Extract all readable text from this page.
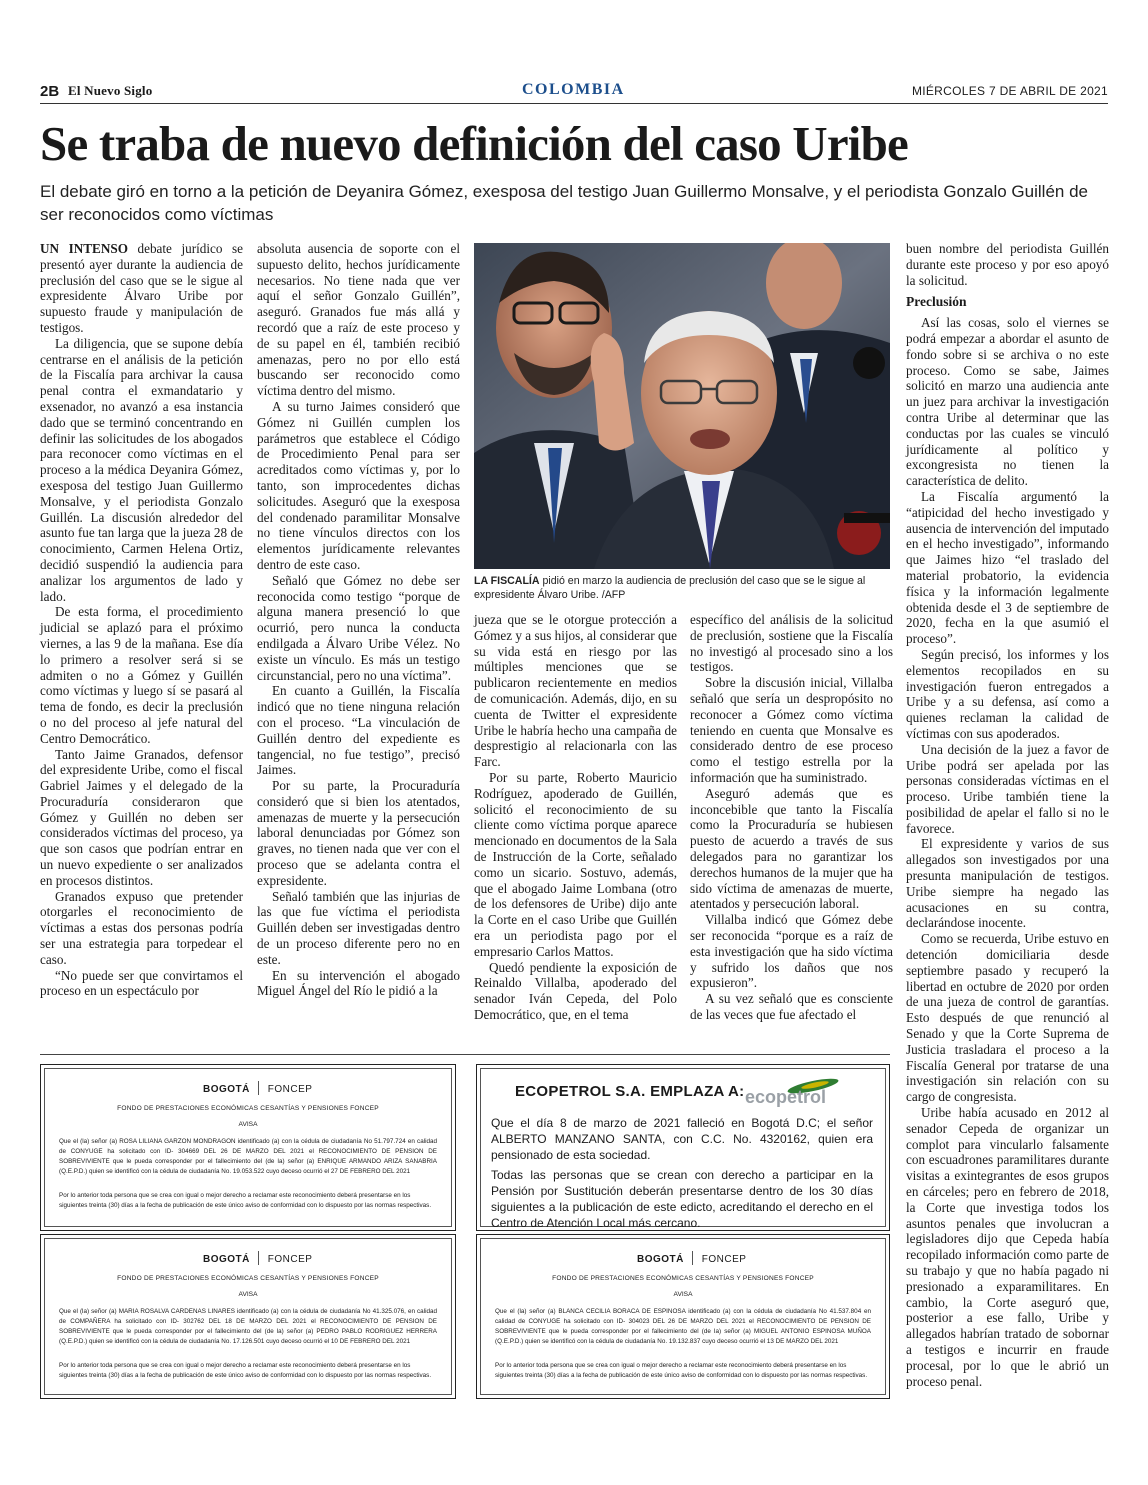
2B El Nuevo Siglo	COLOMBIA	MIÉRCOLES 7 DE ABRIL DE 2021
Se traba de nuevo definición del caso Uribe

El debate giró en torno a la petición de Deyanira Gómez, exesposa del testigo Juan Guillermo Monsalve, y el periodista Gonzalo Guillén de ser reconocidos como víctimas

UN INTENSO debate jurídico se presentó ayer durante la audiencia de preclusión del caso que se le sigue al expresidente Álvaro Uribe por supuesto fraude y manipulación de testigos.

La diligencia, que se supone debía centrarse en el análisis de la petición de la Fiscalía para archivar la causa penal contra el exmandatario y exsenador, no avanzó a esa instancia dado que se terminó concentrando en definir las solicitudes de los abogados para reconocer como víctimas en el proceso a la médica Deyanira Gómez, exesposa del testigo Juan Guillermo Monsalve, y el periodista Gonzalo Guillén. La discusión alrededor del asunto fue tan larga que la jueza 28 de conocimiento, Carmen Helena Ortiz, decidió suspendió la audiencia para analizar los argumentos de lado y lado.

De esta forma, el procedimiento judicial se aplazó para el próximo viernes, a las 9 de la mañana. Ese día lo primero a resolver será si se admiten o no a Gómez y Guillén como víctimas y luego sí se pasará al tema de fondo, es decir la preclusión o no del proceso al jefe natural del Centro Democrático.

Tanto Jaime Granados, defensor del expresidente Uribe, como el fiscal Gabriel Jaimes y el delegado de la Procuraduría consideraron que Gómez y Guillén no deben ser considerados víctimas del proceso, ya que son casos que podrían entrar en un nuevo expediente o ser analizados en procesos distintos.

Granados expuso que pretender otorgarles el reconocimiento de víctimas a estas dos personas podría ser una estrategia para torpedear el caso.

“No puede ser que convirtamos el proceso en un espectáculo por

absoluta ausencia de soporte con el supuesto delito, hechos jurídicamente necesarios. No tiene nada que ver aquí el señor Gonzalo Guillén”, aseguró. Granados fue más allá y recordó que a raíz de este proceso y de su papel en él, también recibió amenazas, pero no por ello está buscando ser reconocido como víctima dentro del mismo.

A su turno Jaimes consideró que Gómez ni Guillén cumplen los parámetros que establece el Código de Procedimiento Penal para ser acreditados como víctimas y, por lo tanto, son improcedentes dichas solicitudes. Aseguró que la exesposa del condenado paramilitar Monsalve no tiene vínculos directos con los elementos jurídicamente relevantes dentro de este caso.

Señaló que Gómez no debe ser reconocida como testigo “porque de alguna manera presenció lo que ocurrió, pero nunca la conducta endilgada a Álvaro Uribe Vélez. No existe un vínculo. Es más un testigo circunstancial, pero no una víctima”.

En cuanto a Guillén, la Fiscalía indicó que no tiene ninguna relación con el proceso. “La vinculación de Guillén dentro del expediente es tangencial, no fue testigo”, precisó Jaimes.

Por su parte, la Procuraduría consideró que si bien los atentados, amenazas de muerte y la persecución laboral denunciadas por Gómez son graves, no tienen nada que ver con el proceso que se adelanta contra el expresidente.

Señaló también que las injurias de las que fue víctima el periodista Guillén deben ser investigadas dentro de un proceso diferente pero no en este.

En su intervención el abogado Miguel Ángel del Río le pidió a la

LA FISCALÍA pidió en marzo la audiencia de preclusión del caso que se le sigue al expresidente Álvaro Uribe. /AFP

jueza que se le otorgue protección a Gómez y a sus hijos, al considerar que su vida está en riesgo por las múltiples menciones que se publicaron recientemente en medios de comunicación. Además, dijo, en su cuenta de Twitter el expresidente Uribe le habría hecho una campaña de desprestigio al relacionarla con las Farc.

Por su parte, Roberto Mauricio Rodríguez, apoderado de Guillén, solicitó el reconocimiento de su cliente como víctima porque aparece mencionado en documentos de la Sala de Instrucción de la Corte, señalado como un sicario. Sostuvo, además, que el abogado Jaime Lombana (otro de los defensores de Uribe) dijo ante la Corte en el caso Uribe que Guillén era un periodista pago por el empresario Carlos Mattos.

Quedó pendiente la exposición de Reinaldo Villalba, apoderado del senador Iván Cepeda, del Polo Democrático, que, en el tema

específico del análisis de la solicitud de preclusión, sostiene que la Fiscalía no investigó al procesado sino a los testigos.

Sobre la discusión inicial, Villalba señaló que sería un despropósito no reconocer a Gómez como víctima teniendo en cuenta que Monsalve es considerado dentro de ese proceso como el testigo estrella por la información que ha suministrado.

Aseguró además que es inconcebible que tanto la Fiscalía como la Procuraduría se hubiesen puesto de acuerdo a través de sus delegados para no garantizar los derechos humanos de la mujer que ha sido víctima de amenazas de muerte, atentados y persecución laboral.

Villalba indicó que Gómez debe ser reconocida “porque es a raíz de esta investigación que ha sido víctima y sufrido los daños que nos expusieron”.

A su vez señaló que es consciente de las veces que fue afectado el

buen nombre del periodista Guillén durante este proceso y por eso apoyó la solicitud.

Preclusión

Así las cosas, solo el viernes se podrá empezar a abordar el asunto de fondo sobre si se archiva o no este proceso. Como se sabe, Jaimes solicitó en marzo una audiencia ante un juez para archivar la investigación contra Uribe al determinar que las conductas por las cuales se vinculó jurídicamente al político y excongresista no tienen la característica de delito.

La Fiscalía argumentó la “atipicidad del hecho investigado y ausencia de intervención del imputado en el hecho investigado”, informando que Jaimes hizo “el traslado del material probatorio, la evidencia física y la información legalmente obtenida desde el 3 de septiembre de 2020, fecha en la que asumió el proceso”.

Según precisó, los informes y los elementos recopilados en su investigación fueron entregados a Uribe y a su defensa, así como a quienes reclaman la calidad de víctimas con sus apoderados.

Una decisión de la juez a favor de Uribe podrá ser apelada por las personas consideradas víctimas en el proceso. Uribe también tiene la posibilidad de apelar el fallo si no le favorece.

El expresidente y varios de sus allegados son investigados por una presunta manipulación de testigos. Uribe siempre ha negado las acusaciones en su contra, declarándose inocente.

Como se recuerda, Uribe estuvo en detención domiciliaria desde septiembre pasado y recuperó la libertad en octubre de 2020 por orden de una jueza de control de garantías. Esto después de que renunció al Senado y que la Corte Suprema de Justicia trasladara el proceso a la Fiscalía General por tratarse de una investigación sin relación con su cargo de congresista.

Uribe había acusado en 2012 al senador Cepeda de organizar un complot para vincularlo falsamente con escuadrones paramilitares durante visitas a exintegrantes de esos grupos en cárceles; pero en febrero de 2018, la Corte que investiga todos los asuntos penales que involucran a legisladores dijo que Cepeda había recopilado información como parte de su trabajo y que no había pagado ni presionado a exparamilitares. En cambio, la Corte aseguró que, posterior a ese fallo, Uribe y allegados habrían tratado de sobornar a testigos e incurrir en fraude procesal, por lo que le abrió un proceso penal.

BOGOTÁ FONCEP
FONDO DE PRESTACIONES ECONÓMICAS CESANTÍAS Y PENSIONES FONCEP
AVISA
Que el (la) señor (a) ROSA LILIANA GARZON MONDRAGON identificado (a) con la cédula de ciudadanía No 51.797.724 en calidad de CONYUGE ha solicitado con ID- 304669 DEL 26 DE MARZO DEL 2021 el RECONOCIMIENTO DE PENSION DE SOBREVIVIENTE que le pueda corresponder por el fallecimiento del (de la) señor (a) ENRIQUE ARMANDO ARIZA SANABRIA (Q.E.P.D.) quien se identificó con la cédula de ciudadanía No. 19.053.522 cuyo deceso ocurrió el 27 DE FEBRERO DEL 2021
Por lo anterior toda persona que se crea con igual o mejor derecho a reclamar este reconocimiento deberá presentarse en los siguientes treinta (30) días a la fecha de publicación de este único aviso de conformidad con lo dispuesto por las normas respectivas.
BOGOTÁ FONCEP
FONDO DE PRESTACIONES ECONÓMICAS CESANTÍAS Y PENSIONES FONCEP
AVISA
Que el (la) señor (a) MARIA ROSALVA CARDENAS LINARES identificado (a) con la cédula de ciudadanía No 41.325.076, en calidad de COMPAÑERA ha solicitado con ID- 302762 DEL 18 DE MARZO DEL 2021 el RECONOCIMIENTO DE PENSION DE SOBREVIVIENTE que le pueda corresponder por el fallecimiento del (de la) señor (a) PEDRO PABLO RODRIGUEZ HERRERA (Q.E.P.D.) quien se identificó con la cédula de ciudadanía No. 17.126.501 cuyo deceso ocurrió el 10 DE FEBRERO DEL 2021
Por lo anterior toda persona que se crea con igual o mejor derecho a reclamar este reconocimiento deberá presentarse en los siguientes treinta (30) días a la fecha de publicación de este único aviso de conformidad con lo dispuesto por las normas respectivas.
ECOPETROL S.A. EMPLAZA A: ecopetrol
Que el día 8 de marzo de 2021 falleció en Bogotá D.C; el señor ALBERTO MANZANO SANTA, con C.C. No. 4320162, quien era pensionado de esta sociedad.
Todas las personas que se crean con derecho a participar en la Pensión por Sustitución deberán presentarse dentro de los 30 días siguientes a la publicación de este edicto, acreditando el derecho en el Centro de Atención Local más cercano.
BOGOTÁ FONCEP
FONDO DE PRESTACIONES ECONÓMICAS CESANTÍAS Y PENSIONES FONCEP
AVISA
Que el (la) señor (a) BLANCA CECILIA BORACA DE ESPINOSA identificado (a) con la cédula de ciudadanía No 41.537.804 en calidad de CONYUGE ha solicitado con ID- 304023 DEL 26 DE MARZO DEL 2021 el RECONOCIMIENTO DE PENSION DE SOBREVIVIENTE que le pueda corresponder por el fallecimiento del (de la) señor (a) MIGUEL ANTONIO ESPINOSA MUÑOA (Q.E.P.D.) quien se identificó con la cédula de ciudadanía No. 19.132.837 cuyo deceso ocurrió el 13 DE MARZO DEL 2021
Por lo anterior toda persona que se crea con igual o mejor derecho a reclamar este reconocimiento deberá presentarse en los siguientes treinta (30) días a la fecha de publicación de este único aviso de conformidad con lo dispuesto por las normas respectivas.
